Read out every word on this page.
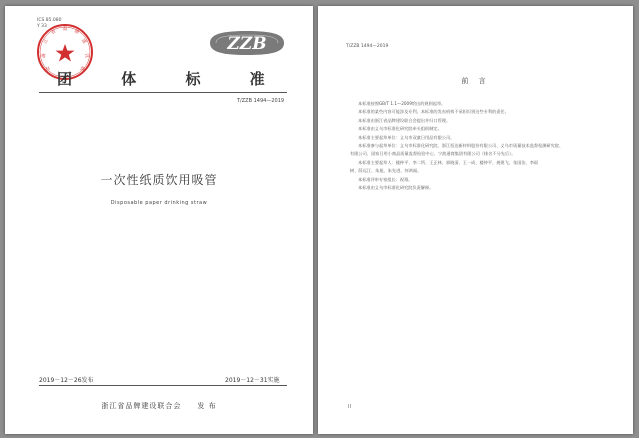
ICS 85.080
Y 33
浙
江
省 品 牌
建
设
联
会
ZZB
团 体 标 准
T/ZZB 1494—2019
一次性纸质饮用吸管
Disposable paper drinking straw
2019－12－26发布	2019－12－31实施
浙江省品牌建设联合会　　发 布
T/ZZB 1494—2019
前 言
本标准按照GB/T 1.1—2009给出的规则起草。
本标准的某些内容可能涉及专利，本标准的发布机构不承担识别这些专利的责任。
本标准由浙江省品牌建设联合会提出并归口管理。
本标准由义乌市标准化研究院牵头组织制定。
本标准主要起草单位：义乌市双童日用品有限公司。
本标准参与起草单位：义乌市标准化研究院、浙江恒达新材料股份有限公司、义乌市质量技术监督检测研究院、
有限公司、国家日用小商品质量监督检验中心、宁波通商集团有限公司（排名不分先后）。
本标准主要起草人：楼仲平、李二所、王正林、郭晓清、王一成、楼仲平、龚建飞、张国治、李雨
树、薛远江、朱旭、朱先进、何鸿福。
本标准评审专家组长：祝翔。
本标准由义乌市标准化研究院负责解释。
II
